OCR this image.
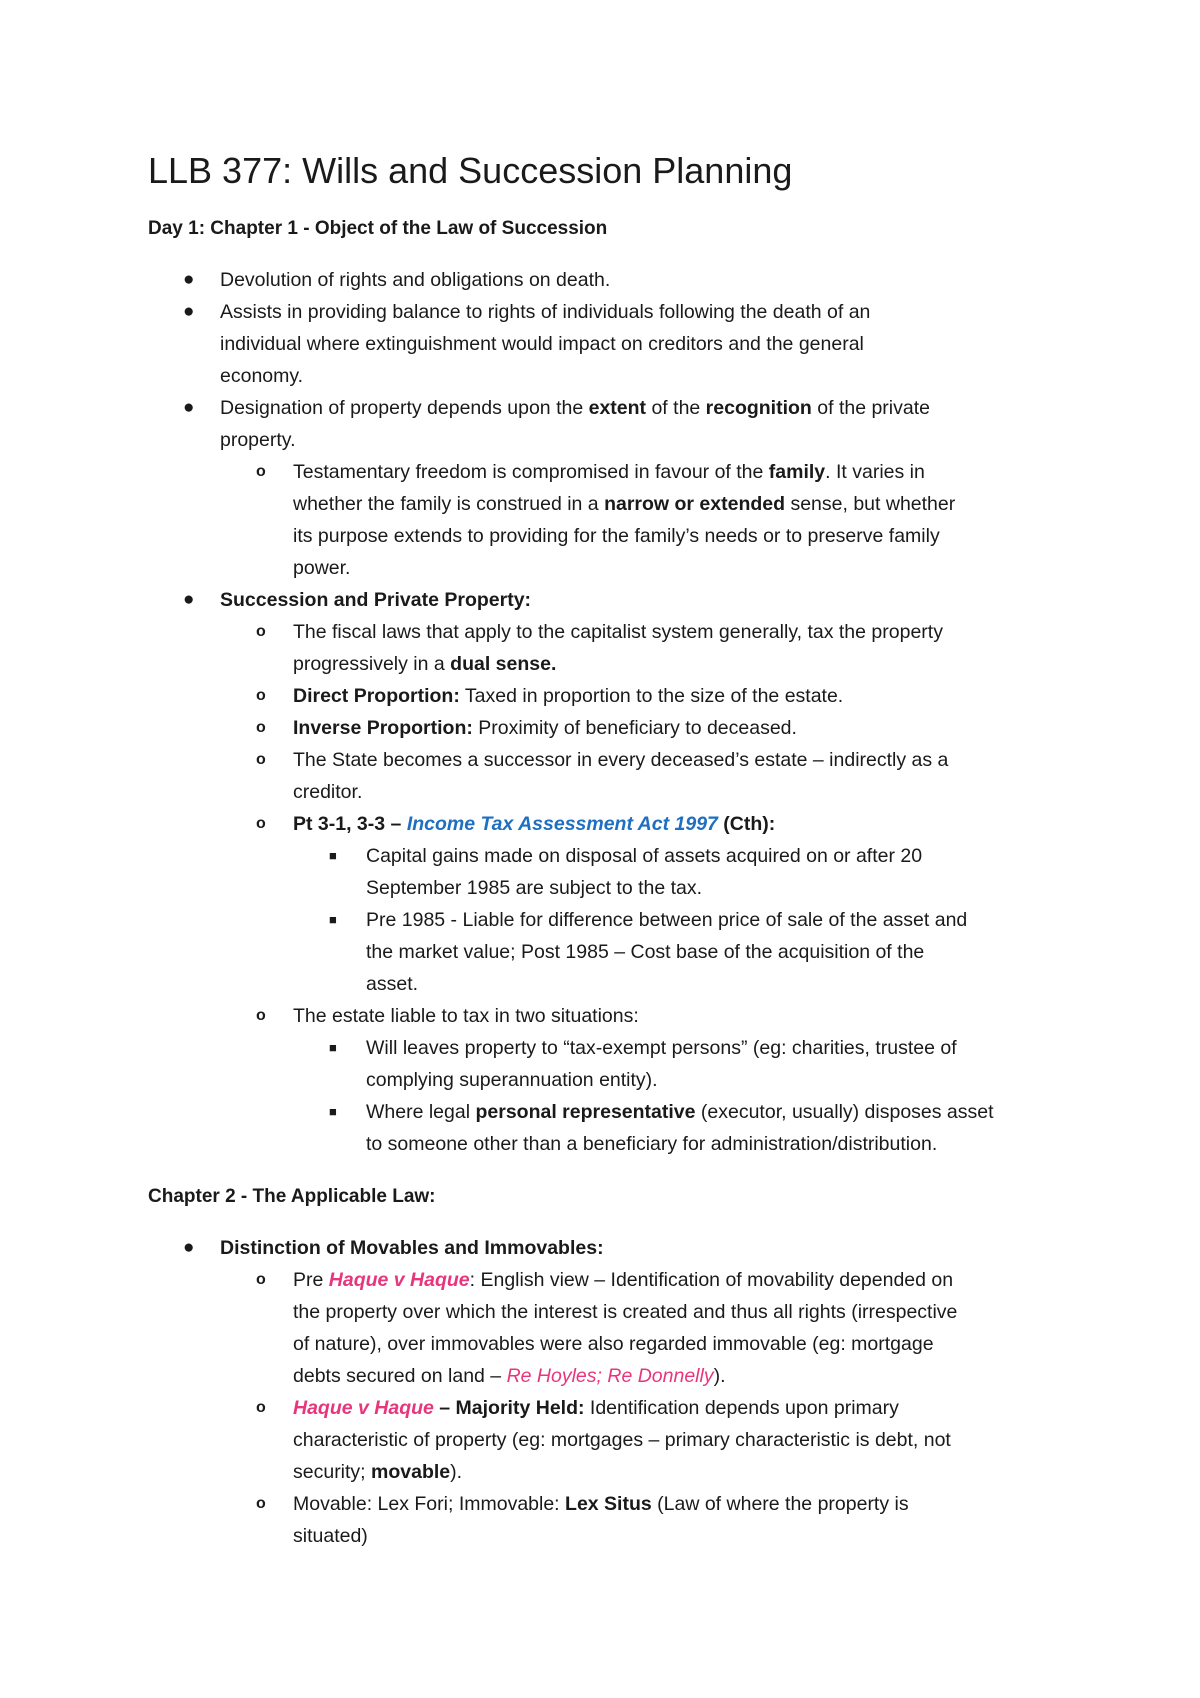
LLB 377: Wills and Succession Planning
Day 1: Chapter 1 - Object of the Law of Succession
● Devolution of rights and obligations on death.
● Assists in providing balance to rights of individuals following the death of an
individual where extinguishment would impact on creditors and the general
economy.
● Designation of property depends upon the extent of the recognition of the private
property.
o Testamentary freedom is compromised in favour of the family. It varies in
whether the family is construed in a narrow or extended sense, but whether
its purpose extends to providing for the family’s needs or to preserve family
power.
● Succession and Private Property:
o The fiscal laws that apply to the capitalist system generally, tax the property
progressively in a dual sense.
o Direct Proportion: Taxed in proportion to the size of the estate.
o Inverse Proportion: Proximity of beneficiary to deceased.
o The State becomes a successor in every deceased’s estate – indirectly as a
creditor.
o Pt 3-1, 3-3 – Income Tax Assessment Act 1997 (Cth):
■ Capital gains made on disposal of assets acquired on or after 20
September 1985 are subject to the tax.
■ Pre 1985 - Liable for difference between price of sale of the asset and
the market value; Post 1985 – Cost base of the acquisition of the
asset.
o The estate liable to tax in two situations:
■ Will leaves property to “tax-exempt persons” (eg: charities, trustee of
complying superannuation entity).
■ Where legal personal representative (executor, usually) disposes asset
to someone other than a beneficiary for administration/distribution.
Chapter 2 - The Applicable Law:
● Distinction of Movables and Immovables:
o Pre Haque v Haque: English view – Identification of movability depended on
the property over which the interest is created and thus all rights (irrespective
of nature), over immovables were also regarded immovable (eg: mortgage
debts secured on land – Re Hoyles; Re Donnelly).
o Haque v Haque – Majority Held: Identification depends upon primary
characteristic of property (eg: mortgages – primary characteristic is debt, not
security; movable).
o Movable: Lex Fori; Immovable: Lex Situs (Law of where the property is
situated)
